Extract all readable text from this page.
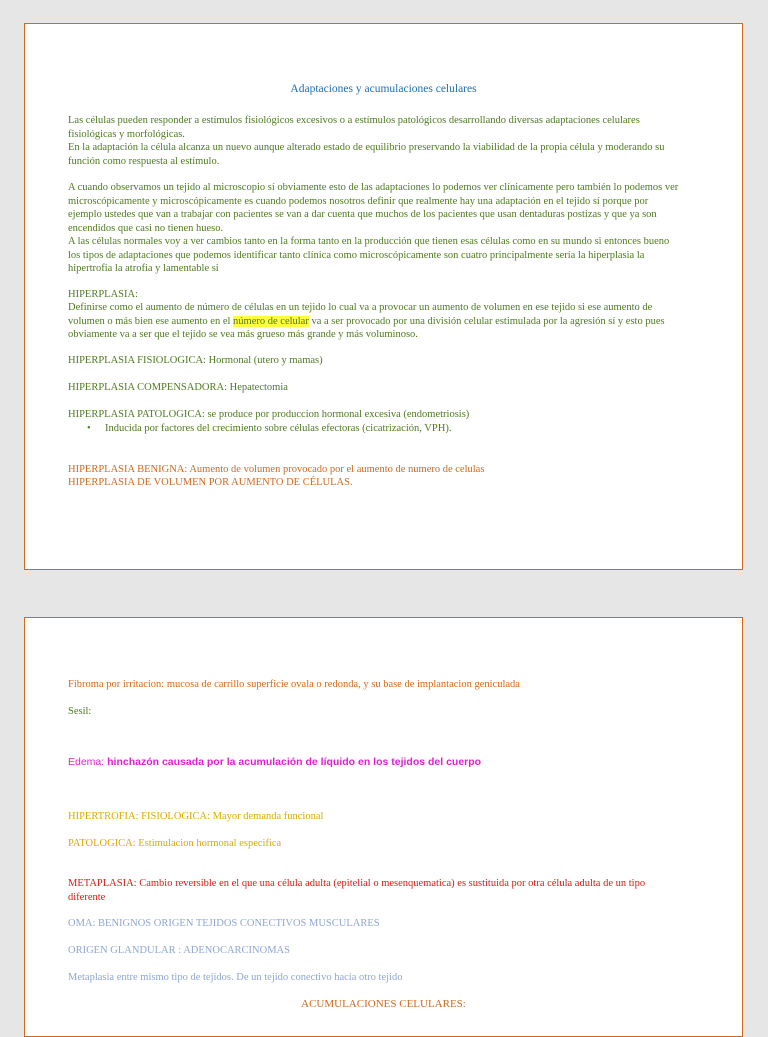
Adaptaciones y acumulaciones celulares

Las células pueden responder a estímulos fisiológicos excesivos o a estímulos patológicos desarrollando diversas adaptaciones celulares fisiológicas y morfológicas.

En la adaptación la célula alcanza un nuevo aunque alterado estado de equilibrio preservando la viabilidad de la propia célula y moderando su función como respuesta al estímulo.

A cuando observamos un tejido al microscopio sí obviamente esto de las adaptaciones lo podemos ver clínicamente pero también lo podemos ver microscópicamente y microscópicamente es cuando podemos nosotros definir que realmente hay una adaptación en el tejido sí porque por ejemplo ustedes que van a trabajar con pacientes se van a dar cuenta que muchos de los pacientes que usan dentaduras postizas y que ya son encendidos que casi no tienen hueso.

A las células normales voy a ver cambios tanto en la forma tanto en la producción que tienen esas células como en su mundo si entonces bueno los tipos de adaptaciones que podemos identificar tanto clínica como microscópicamente son cuatro principalmente sería la hiperplasia la hipertrofia la atrofia y lamentable si

HIPERPLASIA:

Definirse como el aumento de número de células en un tejido lo cual va a provocar un aumento de volumen en ese tejido si ese aumento de volumen o más bien ese aumento en el número de celular va a ser provocado por una división celular estimulada por la agresión sí y esto pues obviamente va a ser que el tejido se vea más grueso más grande y más voluminoso.

HIPERPLASIA FISIOLOGICA: Hormonal (utero y mamas)

HIPERPLASIA COMPENSADORA: Hepatectomia

HIPERPLASIA PATOLOGICA: se produce por produccion hormonal excesiva (endometriosis)

• Inducida por factores del crecimiento sobre células efectoras (cicatrización, VPH).

HIPERPLASIA BENIGNA: Aumento de volumen provocado por el aumento de numero de celulas

HIPERPLASIA DE VOLUMEN POR AUMENTO DE CÉLULAS.

Fibroma por irritacion: mucosa de carrillo superficie ovala o redonda, y su base de implantacion geniculada

Sesil:

Edema: hinchazón causada por la acumulación de líquido en los tejidos del cuerpo

HIPERTROFIA: FISIOLOGICA: Mayor demanda funcional

PATOLOGICA: Estimulacion hormonal especifica

METAPLASIA: Cambio reversible en el que una célula adulta (epitelial o mesenquematica) es sustituida por otra célula adulta de un tipo diferente

OMA: BENIGNOS ORIGEN TEJIDOS CONECTIVOS MUSCULARES

ORIGEN GLANDULAR : ADENOCARCINOMAS

Metaplasia entre mismo tipo de tejidos. De un tejido conectivo hacia otro tejido

ACUMULACIONES CELULARES:
